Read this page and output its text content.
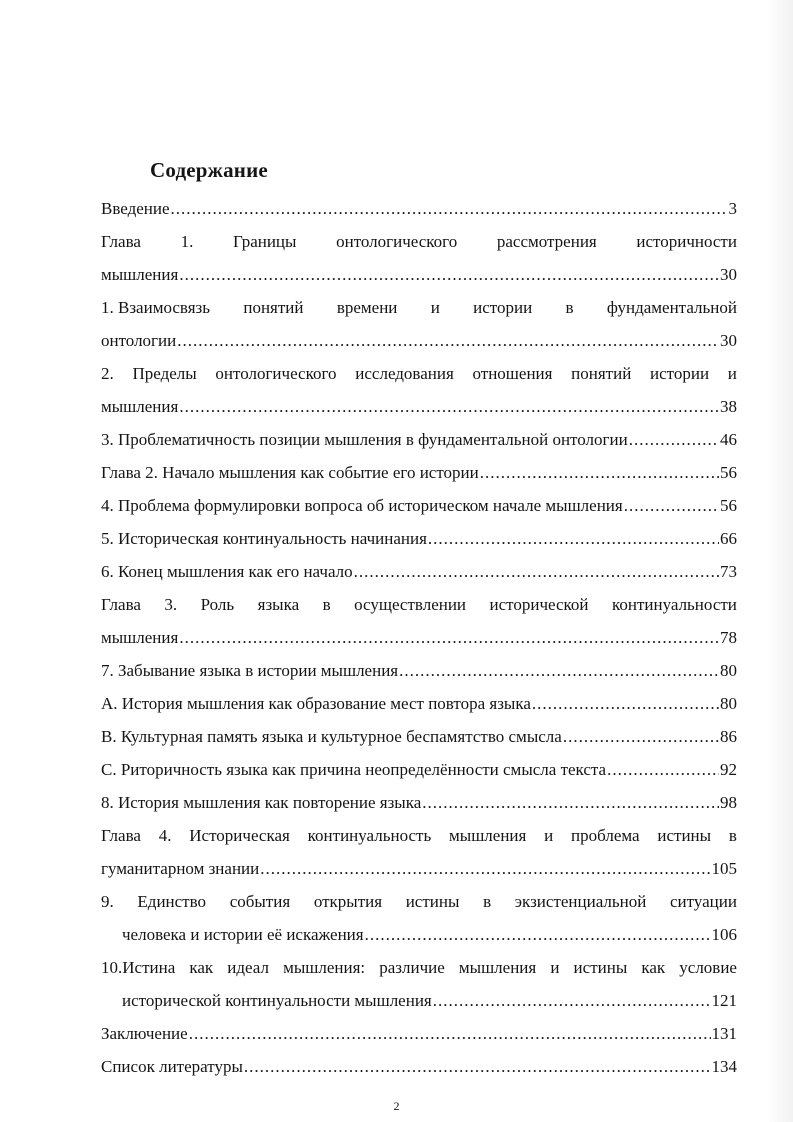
Содержание
Введение .....	3
Глава 1. Границы онтологического рассмотрения историчности
мышления .....	30
1. Взаимосвязь понятий времени и истории в фундаментальной
онтологии .....	30
2. Пределы онтологического исследования отношения понятий истории и
мышления .....	38
3. Проблематичность позиции мышления в фундаментальной онтологии .....	46
Глава 2. Начало мышления как событие его истории .....	56
4. Проблема формулировки вопроса об историческом начале мышления .....	56
5. Историческая континуальность начинания .....	66
6. Конец мышления как его начало .....	73
Глава 3. Роль языка в осуществлении исторической континуальности
мышления .....	78
7. Забывание языка в истории мышления .....	80
A. История мышления как образование мест повтора языка .....	80
B. Культурная память языка и культурное беспамятство смысла .....	86
C. Риторичность языка как причина неопределённости смысла текста .....	92
8. История мышления как повторение языка .....	98
Глава 4. Историческая континуальность мышления и проблема истины в
гуманитарном знании .....	105
9. Единство события открытия истины в экзистенциальной ситуации
человека и истории её искажения .....	106
10.Истина как идеал мышления: различие мышления и истины как условие
исторической континуальности мышления .....	121
Заключение .....	131
Список литературы .....	134
2
